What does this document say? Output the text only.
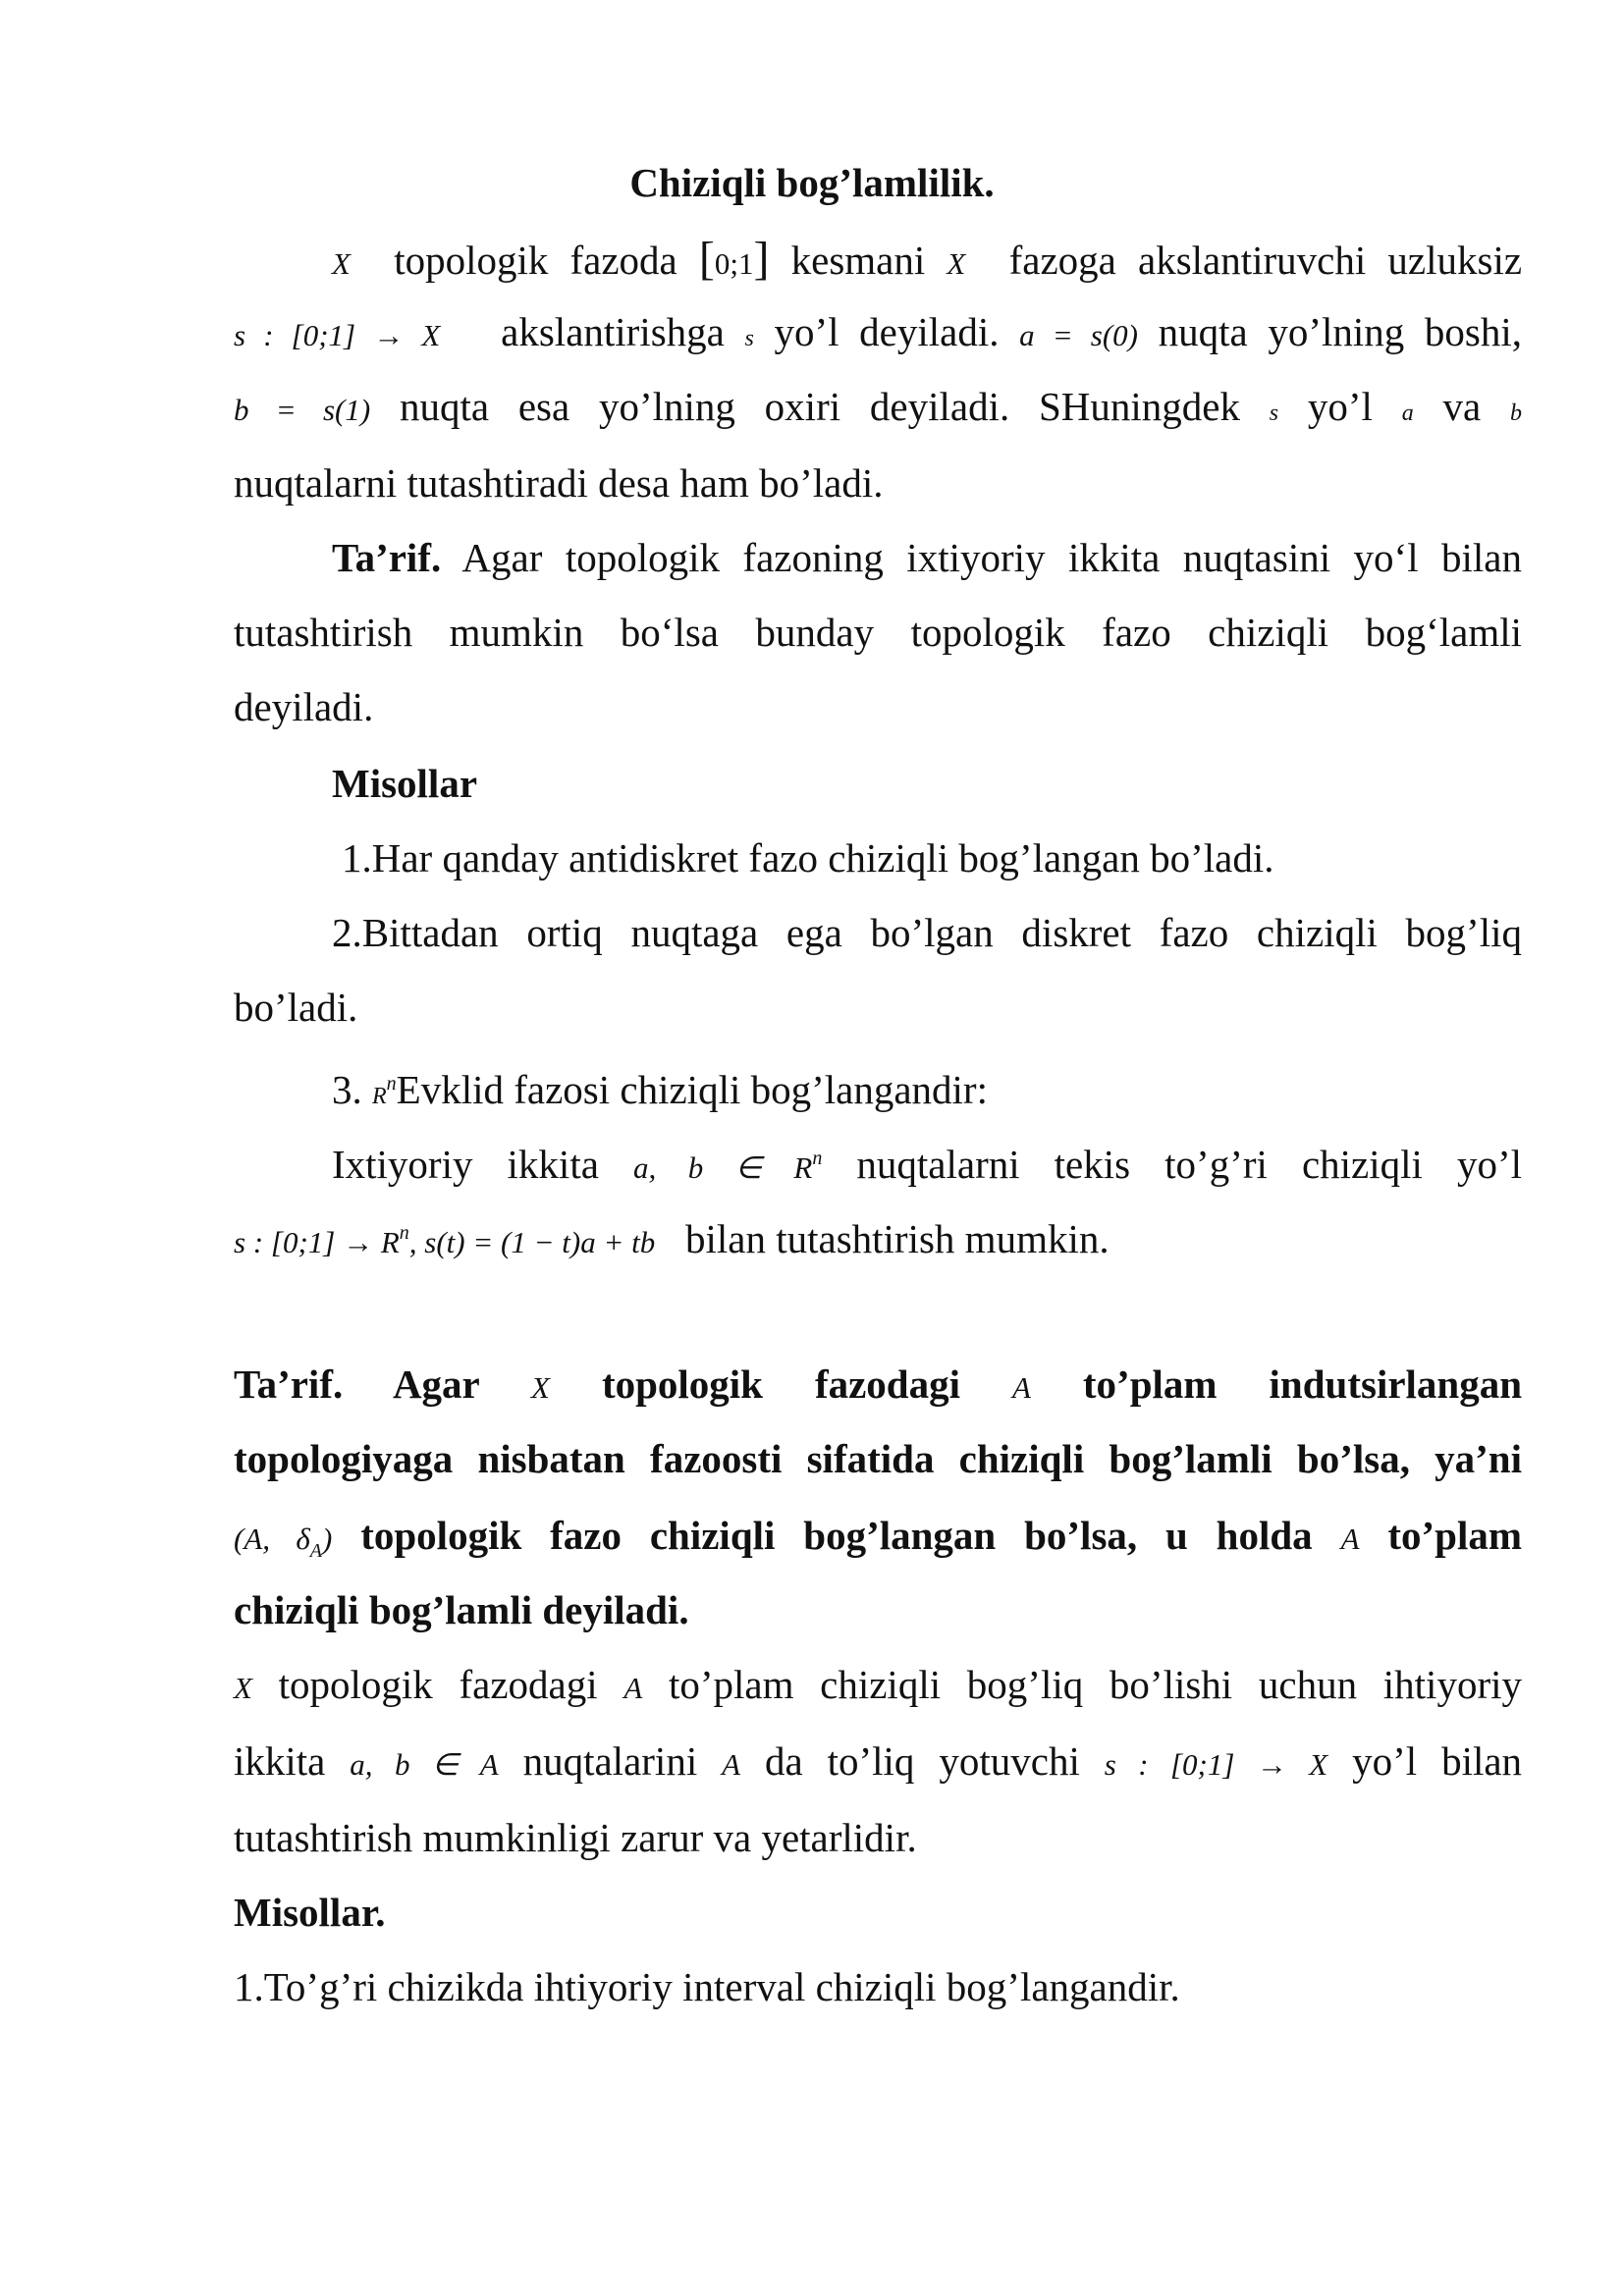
Chiziqli bog’lamlilik.
X topologik fazoda [0;1] kesmani X fazoga akslantiruvchi uzluksiz
s : [0;1] → X akslantirishga s yo’l deyiladi. a = s(0) nuqta yo’lning boshi,
b = s(1) nuqta esa yo’lning oxiri deyiladi. SHuningdek s yo’l a va b
nuqtalarni tutashtiradi desa ham bo’ladi.
Ta’rif. Agar topologik fazoning ixtiyoriy ikkita nuqtasini yo‘l bilan
tutashtirish mumkin bo‘lsa bunday topologik fazo chiziqli bog‘lamli
deyiladi.
Misollar
1.Har qanday antidiskret fazo chiziqli bog’langan bo’ladi.
2.Bittadan ortiq nuqtaga ega bo’lgan diskret fazo chiziqli bog’liq
bo’ladi.
3. $R^nEvklid$ fazosi chiziqli bog’langandir:
Ixtiyoriy ikkita a, b ∈ $R^n$ nuqtalarni tekis to’g’ri chiziqli yo’l
s : [0;1] → $R^n$, s(t) = (1 − t)a + tb bilan tutashtirish mumkin.
Ta’rif. Agar X topologik fazodagi A to’plam indutsirlangan
topologiyaga nisbatan fazoosti sifatida chiziqli bog’lamli bo’lsa, ya’ni
(A, $\delta_A$) topologik fazo chiziqli bog’langan bo’lsa, u holda A to’plam
chiziqli bog’lamli deyiladi.
X topologik fazodagi A to’plam chiziqli bog’liq bo’lishi uchun ihtiyoriy
ikkita a, b ∈ A nuqtalarini A da to’liq yotuvchi s : [0;1] → X yo’l bilan
tutashtirish mumkinligi zarur va yetarlidir.
Misollar.
1.To’g’ri chizikda ihtiyoriy interval chiziqli bog’langandir.
